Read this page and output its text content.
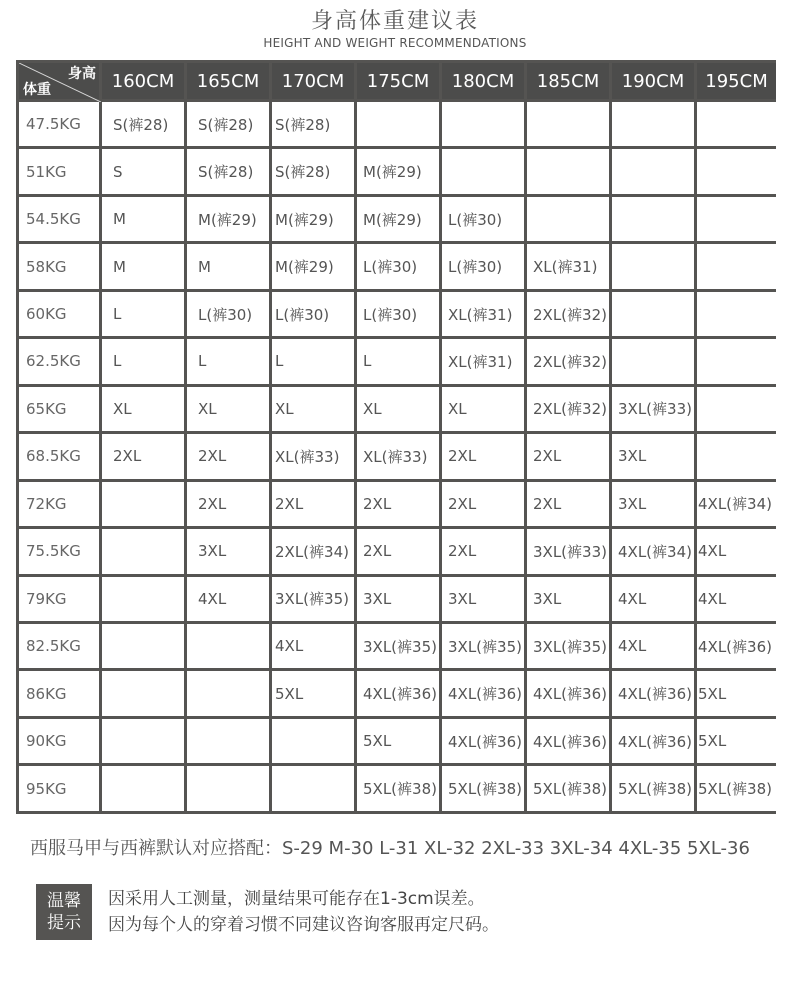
身高体重建议表
HEIGHT AND WEIGHT RECOMMENDATIONS
身高
体重	160CM	165CM	170CM	175CM	180CM	185CM	190CM	195CM
47.5KG	S(裤28)	S(裤28)	S(裤28)					
51KG	S	S(裤28)	S(裤28)	M(裤29)				
54.5KG	M	M(裤29)	M(裤29)	M(裤29)	L(裤30)			
58KG	M	M	M(裤29)	L(裤30)	L(裤30)	XL(裤31)		
60KG	L	L(裤30)	L(裤30)	L(裤30)	XL(裤31)	2XL(裤32)		
62.5KG	L	L	L	L	XL(裤31)	2XL(裤32)		
65KG	XL	XL	XL	XL	XL	2XL(裤32)	3XL(裤33)	
68.5KG	2XL	2XL	XL(裤33)	XL(裤33)	2XL	2XL	3XL	
72KG		2XL	2XL	2XL	2XL	2XL	3XL	4XL(裤34)
75.5KG		3XL	2XL(裤34)	2XL	2XL	3XL(裤33)	4XL(裤34)	4XL
79KG		4XL	3XL(裤35)	3XL	3XL	3XL	4XL	4XL
82.5KG			4XL	3XL(裤35)	3XL(裤35)	3XL(裤35)	4XL	4XL(裤36)
86KG			5XL	4XL(裤36)	4XL(裤36)	4XL(裤36)	4XL(裤36)	5XL
90KG				5XL	4XL(裤36)	4XL(裤36)	4XL(裤36)	5XL
95KG				5XL(裤38)	5XL(裤38)	5XL(裤38)	5XL(裤38)	5XL(裤38)
西服马甲与西裤默认对应搭配：S-29 M-30 L-31 XL-32 2XL-33 3XL-34 4XL-35 5XL-36
温馨
提示
因采用人工测量，测量结果可能存在1-3cm误差。
因为每个人的穿着习惯不同建议咨询客服再定尺码。
